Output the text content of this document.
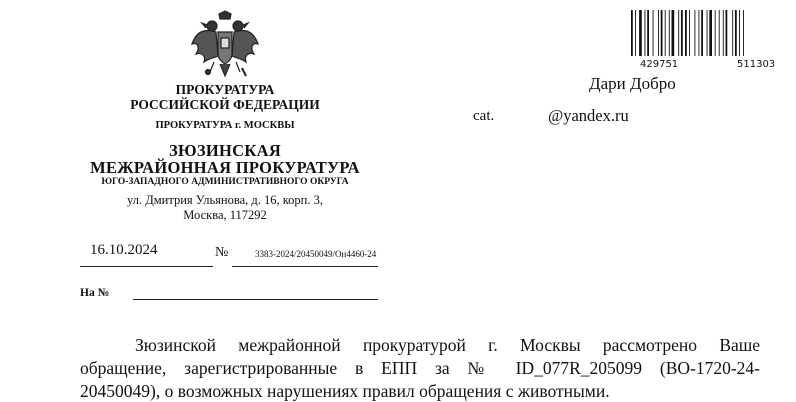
ПРОКУРАТУРА
РОССИЙСКОЙ ФЕДЕРАЦИИ
ПРОКУРАТУРА г. МОСКВЫ
ЗЮЗИНСКАЯ
МЕЖРАЙОННАЯ ПРОКУРАТУРА
ЮГО-ЗАПАДНОГО АДМИНИСТРАТИВНОГО ОКРУГА
ул. Дмитрия Ульянова, д. 16, корп. 3,
Москва, 117292
16.10.2024	№	3383-2024/20450049/Он4460-24
На №
429751	511303
Дари Добро
cat.	@yandex.ru
Зюзинской межрайонной прокуратурой г. Москвы рассмотрено Ваше
обращение, зарегистрированные в ЕПП за № ID_077R_205099 (ВО-1720-24-
20450049), о возможных нарушениях правил обращения с животными.
